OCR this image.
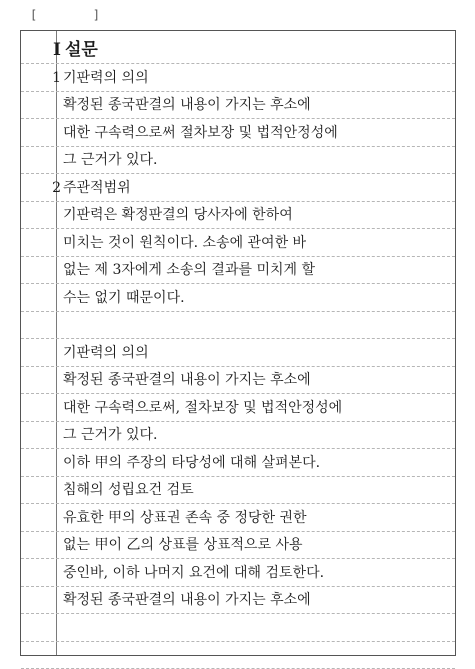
[	]
Ⅰ 설문
1 기판력의 의의
확정된 종국판결의 내용이 가지는 후소에
대한 구속력으로써 절차보장 및 법적안정성에
그 근거가 있다.
2 주관적범위
기판력은 확정판결의 당사자에 한하여
미치는 것이 원칙이다. 소송에 관여한 바
없는 제 3자에게 소송의 결과를 미치게 할
수는 없기 때문이다.
기판력의 의의
확정된 종국판결의 내용이 가지는 후소에
대한 구속력으로써, 절차보장 및 법적안정성에
그 근거가 있다.
이하 甲의 주장의 타당성에 대해 살펴본다.
침해의 성립요건 검토
유효한 甲의 상표권 존속 중 정당한 권한
없는 甲이 乙의 상표를 상표적으로 사용
중인바, 이하 나머지 요건에 대해 검토한다.
확정된 종국판결의 내용이 가지는 후소에
